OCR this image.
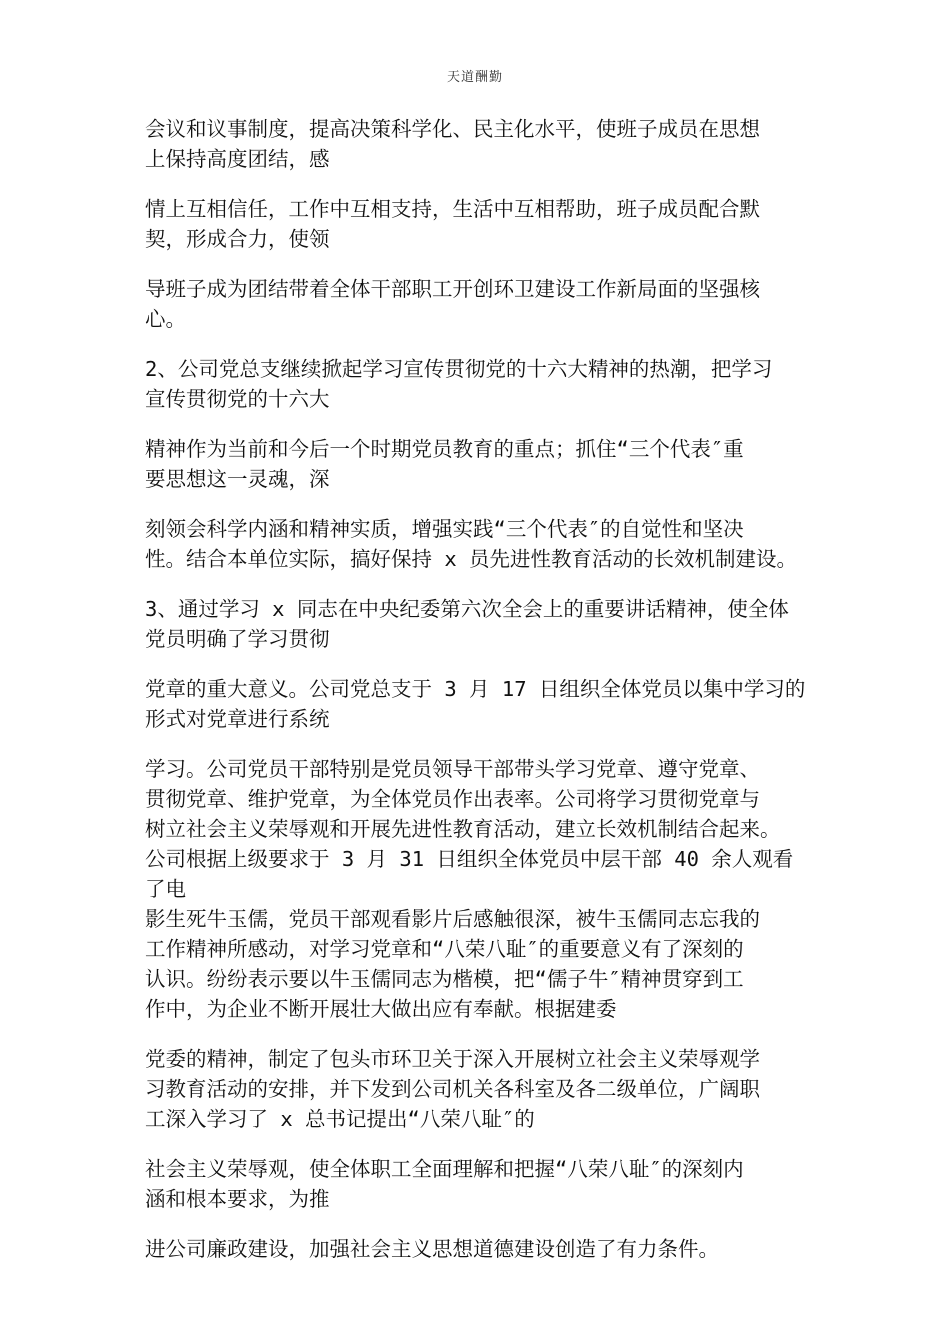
天道酬勤

会议和议事制度，提高决策科学化、民主化水平，使班子成员在思想
上保持高度团结，感

情上互相信任，工作中互相支持，生活中互相帮助，班子成员配合默
契，形成合力，使领

导班子成为团结带着全体干部职工开创环卫建设工作新局面的坚强核
心。

2、公司党总支继续掀起学习宣传贯彻党的十六大精神的热潮，把学习
宣传贯彻党的十六大

精神作为当前和今后一个时期党员教育的重点；抓住“三个代表″重
要思想这一灵魂，深

刻领会科学内涵和精神实质，增强实践“三个代表″的自觉性和坚决
性。结合本单位实际，搞好保持 x 员先进性教育活动的长效机制建设。

3、通过学习 x 同志在中央纪委第六次全会上的重要讲话精神，使全体
党员明确了学习贯彻

党章的重大意义。公司党总支于 3 月 17 日组织全体党员以集中学习的
形式对党章进行系统

学习。公司党员干部特别是党员领导干部带头学习党章、遵守党章、
贯彻党章、维护党章，为全体党员作出表率。公司将学习贯彻党章与
树立社会主义荣辱观和开展先进性教育活动，建立长效机制结合起来。
公司根据上级要求于 3 月 31 日组织全体党员中层干部 40 余人观看了电
影生死牛玉儒，党员干部观看影片后感触很深，被牛玉儒同志忘我的
工作精神所感动，对学习党章和“八荣八耻″的重要意义有了深刻的
认识。纷纷表示要以牛玉儒同志为楷模，把“儒子牛″精神贯穿到工
作中，为企业不断开展壮大做出应有奉献。根据建委

党委的精神，制定了包头市环卫关于深入开展树立社会主义荣辱观学
习教育活动的安排，并下发到公司机关各科室及各二级单位，广阔职
工深入学习了 x 总书记提出“八荣八耻″的

社会主义荣辱观，使全体职工全面理解和把握“八荣八耻″的深刻内
涵和根本要求，为推

进公司廉政建设，加强社会主义思想道德建设创造了有力条件。
